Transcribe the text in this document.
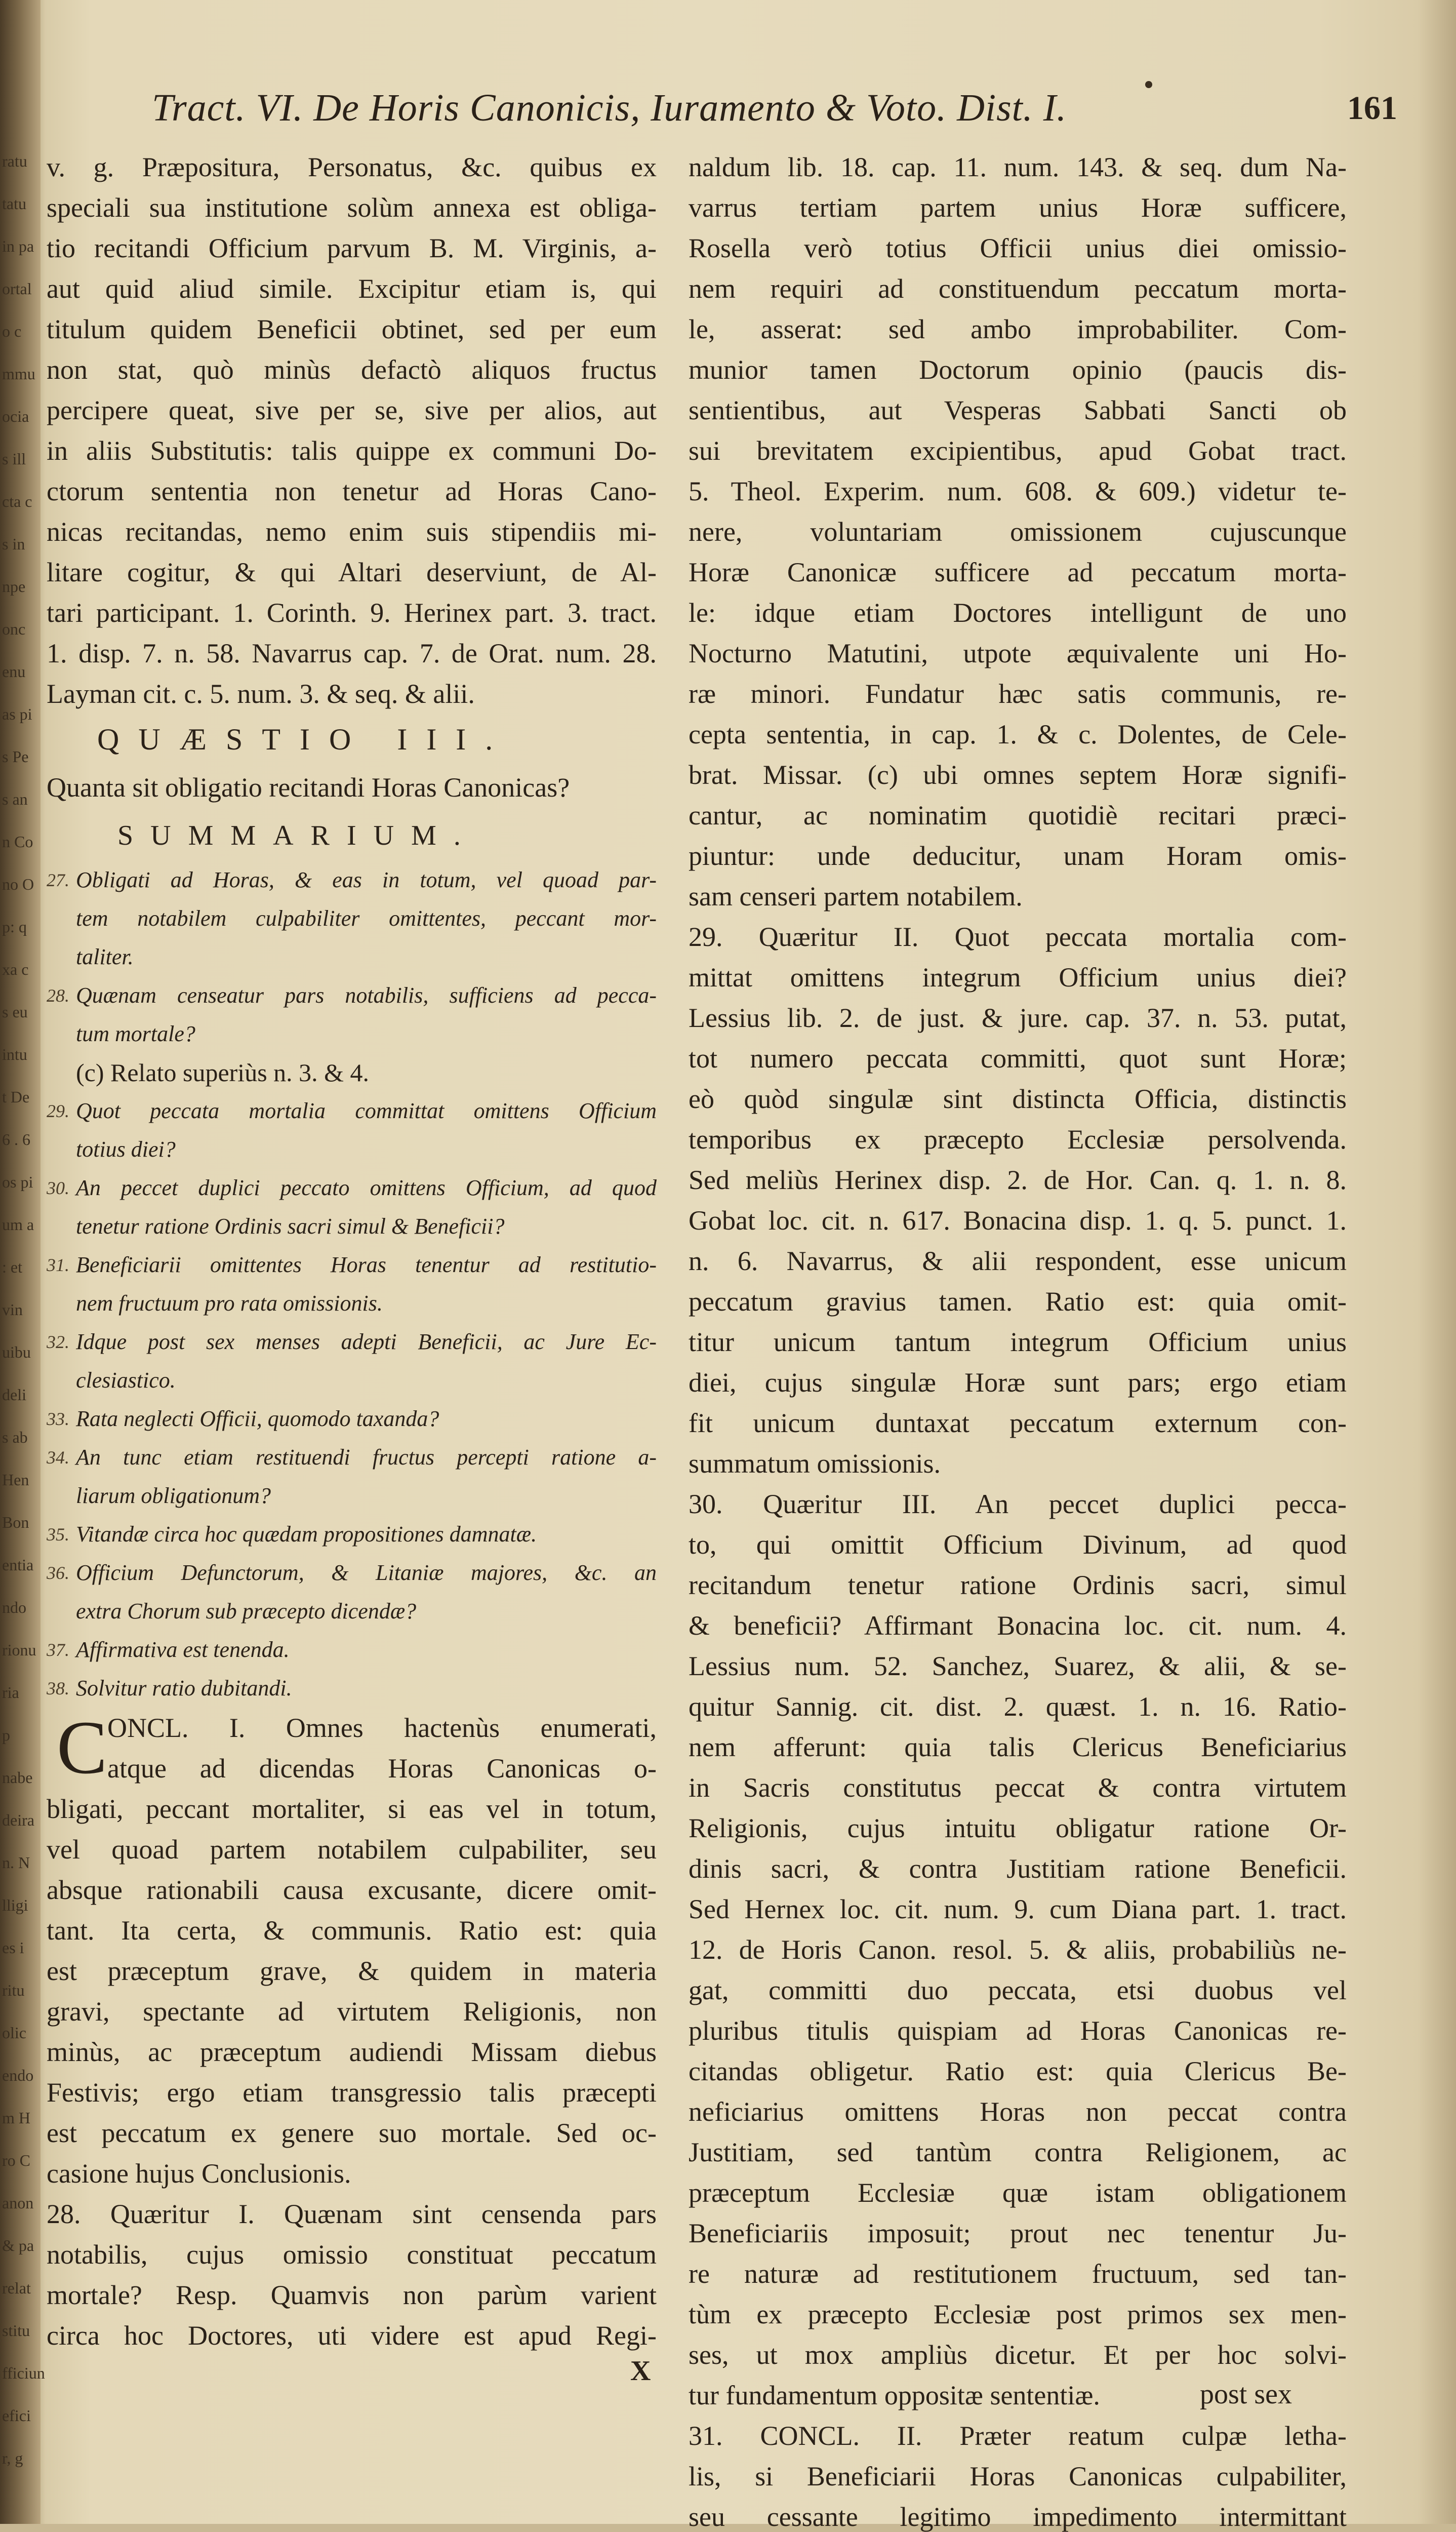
ratu
tatu
in pa
ortal
o c
mmu
ocia
s ill
cta c
s in
npe
onc
enu
as pi
s Pe
s an
n Co
no O
p: q
xa c
s eu
intu
t De
6 . 6
os pi
um a
: et
vin
uibu
deli
s ab
Hen
Bon
entia
ndo
rionu
ria
p
nabe
deira
n. N
lligi
es i
ritu
olic
endo
m H
ro C
anon
& pa
relat
stitu
fficiun
efici
r, g
Tract. VI. De Horis Canonicis, Iuramento & Voto. Dist. I.	161
v. g. Præpositura, Personatus, &c. quibus ex
speciali sua institutione solùm annexa est obliga-
tio recitandi Officium parvum B. M. Virginis, a-
aut quid aliud simile. Excipitur etiam is, qui
titulum quidem Beneficii obtinet, sed per eum
non stat, quò minùs defactò aliquos fructus
percipere queat, sive per se, sive per alios, aut
in aliis Substitutis: talis quippe ex communi Do-
ctorum sententia non tenetur ad Horas Cano-
nicas recitandas, nemo enim suis stipendiis mi-
litare cogitur, & qui Altari deserviunt, de Al-
tari participant. 1. Corinth. 9. Herinex part. 3. tract.
1. disp. 7. n. 58. Navarrus cap. 7. de Orat. num. 28.
Layman cit. c. 5. num. 3. & seq. & alii.
QUÆSTIO III.
Quanta sit obligatio recitandi Horas Canonicas?
SUMMARIUM.
27. Obligati ad Horas, & eas in totum, vel quoad par-
tem notabilem culpabiliter omittentes, peccant mor-
taliter.
28. Quænam censeatur pars notabilis, sufficiens ad pecca-
tum mortale?
(c) Relato superiùs n. 3. & 4.
29. Quot peccata mortalia committat omittens Officium
totius diei?
30. An peccet duplici peccato omittens Officium, ad quod
tenetur ratione Ordinis sacri simul & Beneficii?
31. Beneficiarii omittentes Horas tenentur ad restitutio-
nem fructuum pro rata omissionis.
32. Idque post sex menses adepti Beneficii, ac Jure Ec-
clesiastico.
33. Rata neglecti Officii, quomodo taxanda?
34. An tunc etiam restituendi fructus percepti ratione a-
liarum obligationum?
35. Vitandæ circa hoc quædam propositiones damnatæ.
36. Officium Defunctorum, & Litaniæ majores, &c. an
extra Chorum sub præcepto dicendæ?
37. Affirmativa est tenenda.
38. Solvitur ratio dubitandi.
C ONCL. I. Omnes hactenùs enumerati,
atque ad dicendas Horas Canonicas o-
bligati, peccant mortaliter, si eas vel in totum,
vel quoad partem notabilem culpabiliter, seu
absque rationabili causa excusante, dicere omit-
tant. Ita certa, & communis. Ratio est: quia
est præceptum grave, & quidem in materia
gravi, spectante ad virtutem Religionis, non
minùs, ac præceptum audiendi Missam diebus
Festivis; ergo etiam transgressio talis præcepti
est peccatum ex genere suo mortale. Sed oc-
casione hujus Conclusionis.
28. Quæritur I. Quænam sint censenda pars
notabilis, cujus omissio constituat peccatum
mortale? Resp. Quamvis non parùm varient
circa hoc Doctores, uti videre est apud Regi-
naldum lib. 18. cap. 11. num. 143. & seq. dum Na-
varrus tertiam partem unius Horæ sufficere,
Rosella verò totius Officii unius diei omissio-
nem requiri ad constituendum peccatum morta-
le, asserat: sed ambo improbabiliter. Com-
munior tamen Doctorum opinio (paucis dis-
sentientibus, aut Vesperas Sabbati Sancti ob
sui brevitatem excipientibus, apud Gobat tract.
5. Theol. Experim. num. 608. & 609.) videtur te-
nere, voluntariam omissionem cujuscunque
Horæ Canonicæ sufficere ad peccatum morta-
le: idque etiam Doctores intelligunt de uno
Nocturno Matutini, utpote æquivalente uni Ho-
ræ minori. Fundatur hæc satis communis, re-
cepta sententia, in cap. 1. & c. Dolentes, de Cele-
brat. Missar. (c) ubi omnes septem Horæ signifi-
cantur, ac nominatim quotidiè recitari præci-
piuntur: unde deducitur, unam Horam omis-
sam censeri partem notabilem.
29. Quæritur II. Quot peccata mortalia com-
mittat omittens integrum Officium unius diei?
Lessius lib. 2. de just. & jure. cap. 37. n. 53. putat,
tot numero peccata committi, quot sunt Horæ;
eò quòd singulæ sint distincta Officia, distinctis
temporibus ex præcepto Ecclesiæ persolvenda.
Sed meliùs Herinex disp. 2. de Hor. Can. q. 1. n. 8.
Gobat loc. cit. n. 617. Bonacina disp. 1. q. 5. punct. 1.
n. 6. Navarrus, & alii respondent, esse unicum
peccatum gravius tamen. Ratio est: quia omit-
titur unicum tantum integrum Officium unius
diei, cujus singulæ Horæ sunt pars; ergo etiam
fit unicum duntaxat peccatum externum con-
summatum omissionis.
30. Quæritur III. An peccet duplici pecca-
to, qui omittit Officium Divinum, ad quod
recitandum tenetur ratione Ordinis sacri, simul
& beneficii? Affirmant Bonacina loc. cit. num. 4.
Lessius num. 52. Sanchez, Suarez, & alii, & se-
quitur Sannig. cit. dist. 2. quæst. 1. n. 16. Ratio-
nem afferunt: quia talis Clericus Beneficiarius
in Sacris constitutus peccat & contra virtutem
Religionis, cujus intuitu obligatur ratione Or-
dinis sacri, & contra Justitiam ratione Beneficii.
Sed Hernex loc. cit. num. 9. cum Diana part. 1. tract.
12. de Horis Canon. resol. 5. & aliis, probabiliùs ne-
gat, committi duo peccata, etsi duobus vel
pluribus titulis quispiam ad Horas Canonicas re-
citandas obligetur. Ratio est: quia Clericus Be-
neficiarius omittens Horas non peccat contra
Justitiam, sed tantùm contra Religionem, ac
præceptum Ecclesiæ quæ istam obligationem
Beneficiariis imposuit; prout nec tenentur Ju-
re naturæ ad restitutionem fructuum, sed tan-
tùm ex præcepto Ecclesiæ post primos sex men-
ses, ut mox ampliùs dicetur. Et per hoc solvi-
tur fundamentum oppositæ sententiæ.
31. CONCL. II. Præter reatum culpæ letha-
lis, si Beneficiarii Horas Canonicas culpabiliter,
seu cessante legitimo impedimento intermittant
X
post sex
